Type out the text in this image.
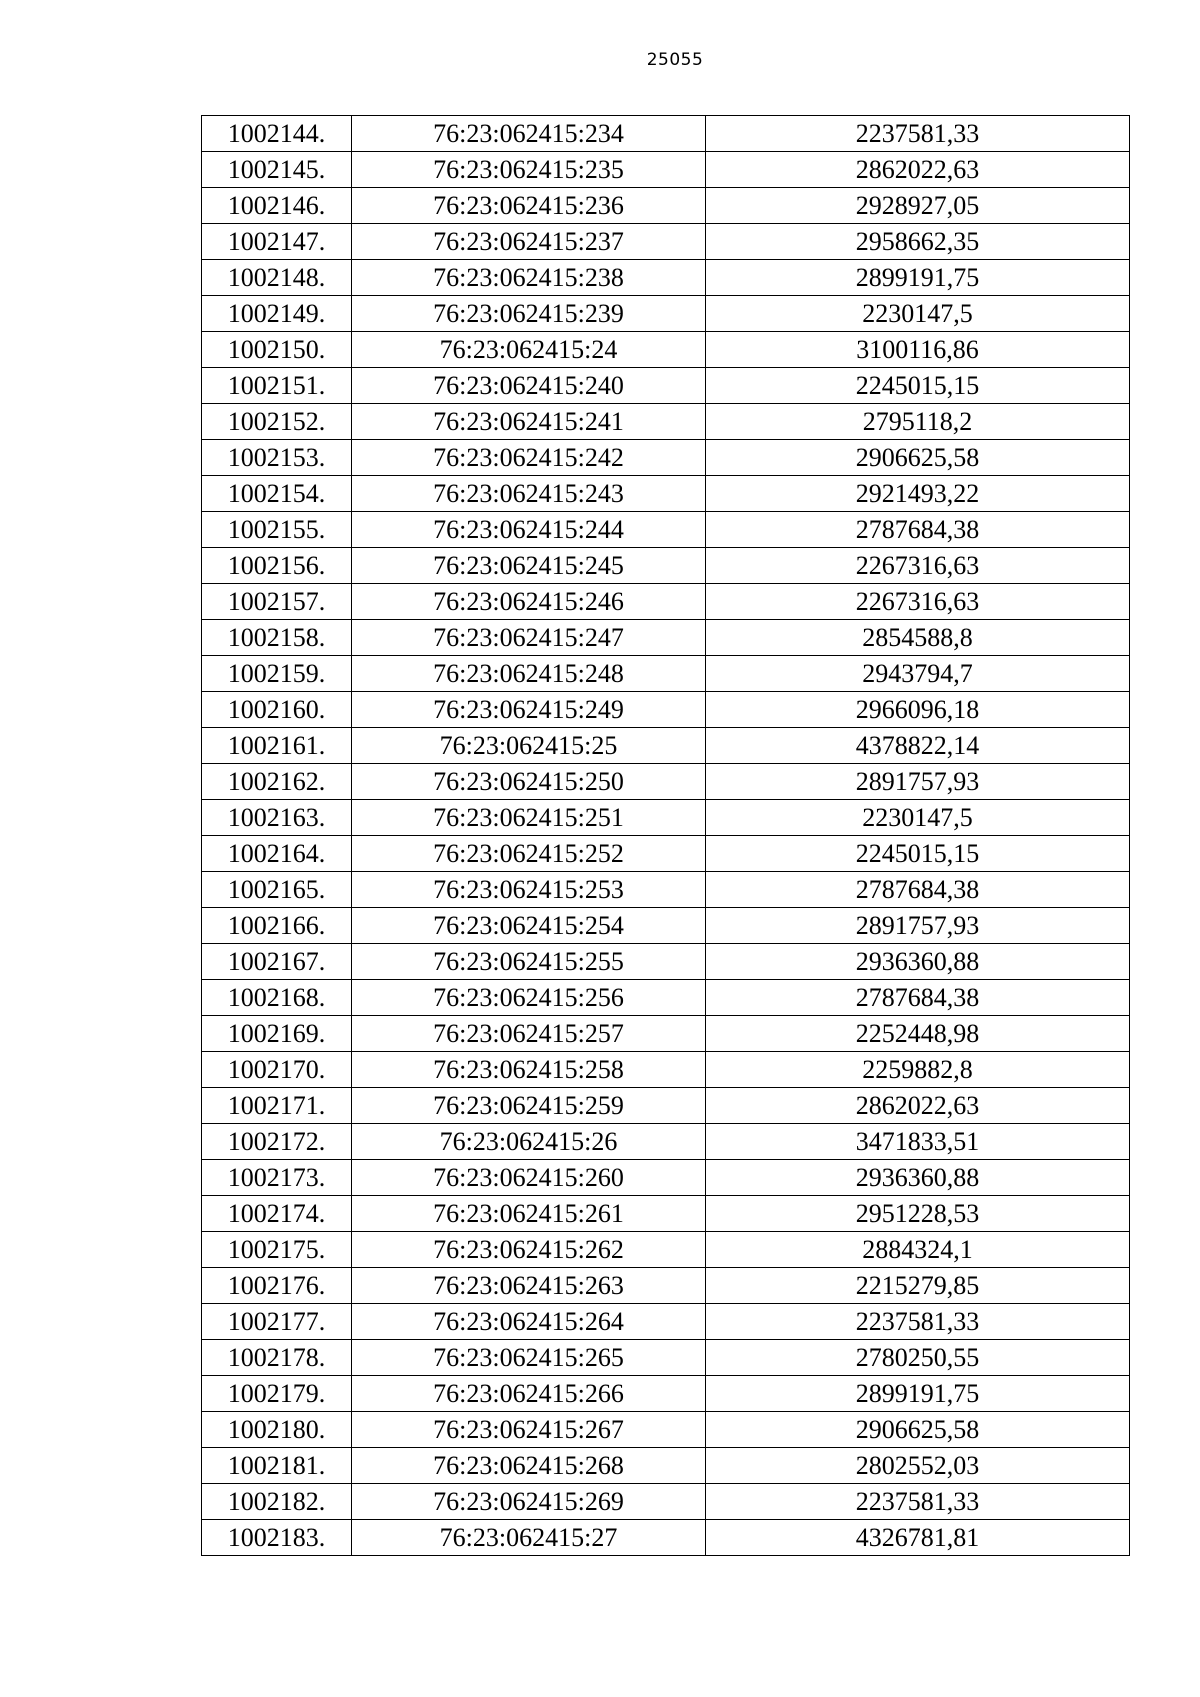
25055
1002144.	76:23:062415:234	2237581,33
1002145.	76:23:062415:235	2862022,63
1002146.	76:23:062415:236	2928927,05
1002147.	76:23:062415:237	2958662,35
1002148.	76:23:062415:238	2899191,75
1002149.	76:23:062415:239	2230147,5
1002150.	76:23:062415:24	3100116,86
1002151.	76:23:062415:240	2245015,15
1002152.	76:23:062415:241	2795118,2
1002153.	76:23:062415:242	2906625,58
1002154.	76:23:062415:243	2921493,22
1002155.	76:23:062415:244	2787684,38
1002156.	76:23:062415:245	2267316,63
1002157.	76:23:062415:246	2267316,63
1002158.	76:23:062415:247	2854588,8
1002159.	76:23:062415:248	2943794,7
1002160.	76:23:062415:249	2966096,18
1002161.	76:23:062415:25	4378822,14
1002162.	76:23:062415:250	2891757,93
1002163.	76:23:062415:251	2230147,5
1002164.	76:23:062415:252	2245015,15
1002165.	76:23:062415:253	2787684,38
1002166.	76:23:062415:254	2891757,93
1002167.	76:23:062415:255	2936360,88
1002168.	76:23:062415:256	2787684,38
1002169.	76:23:062415:257	2252448,98
1002170.	76:23:062415:258	2259882,8
1002171.	76:23:062415:259	2862022,63
1002172.	76:23:062415:26	3471833,51
1002173.	76:23:062415:260	2936360,88
1002174.	76:23:062415:261	2951228,53
1002175.	76:23:062415:262	2884324,1
1002176.	76:23:062415:263	2215279,85
1002177.	76:23:062415:264	2237581,33
1002178.	76:23:062415:265	2780250,55
1002179.	76:23:062415:266	2899191,75
1002180.	76:23:062415:267	2906625,58
1002181.	76:23:062415:268	2802552,03
1002182.	76:23:062415:269	2237581,33
1002183.	76:23:062415:27	4326781,81
